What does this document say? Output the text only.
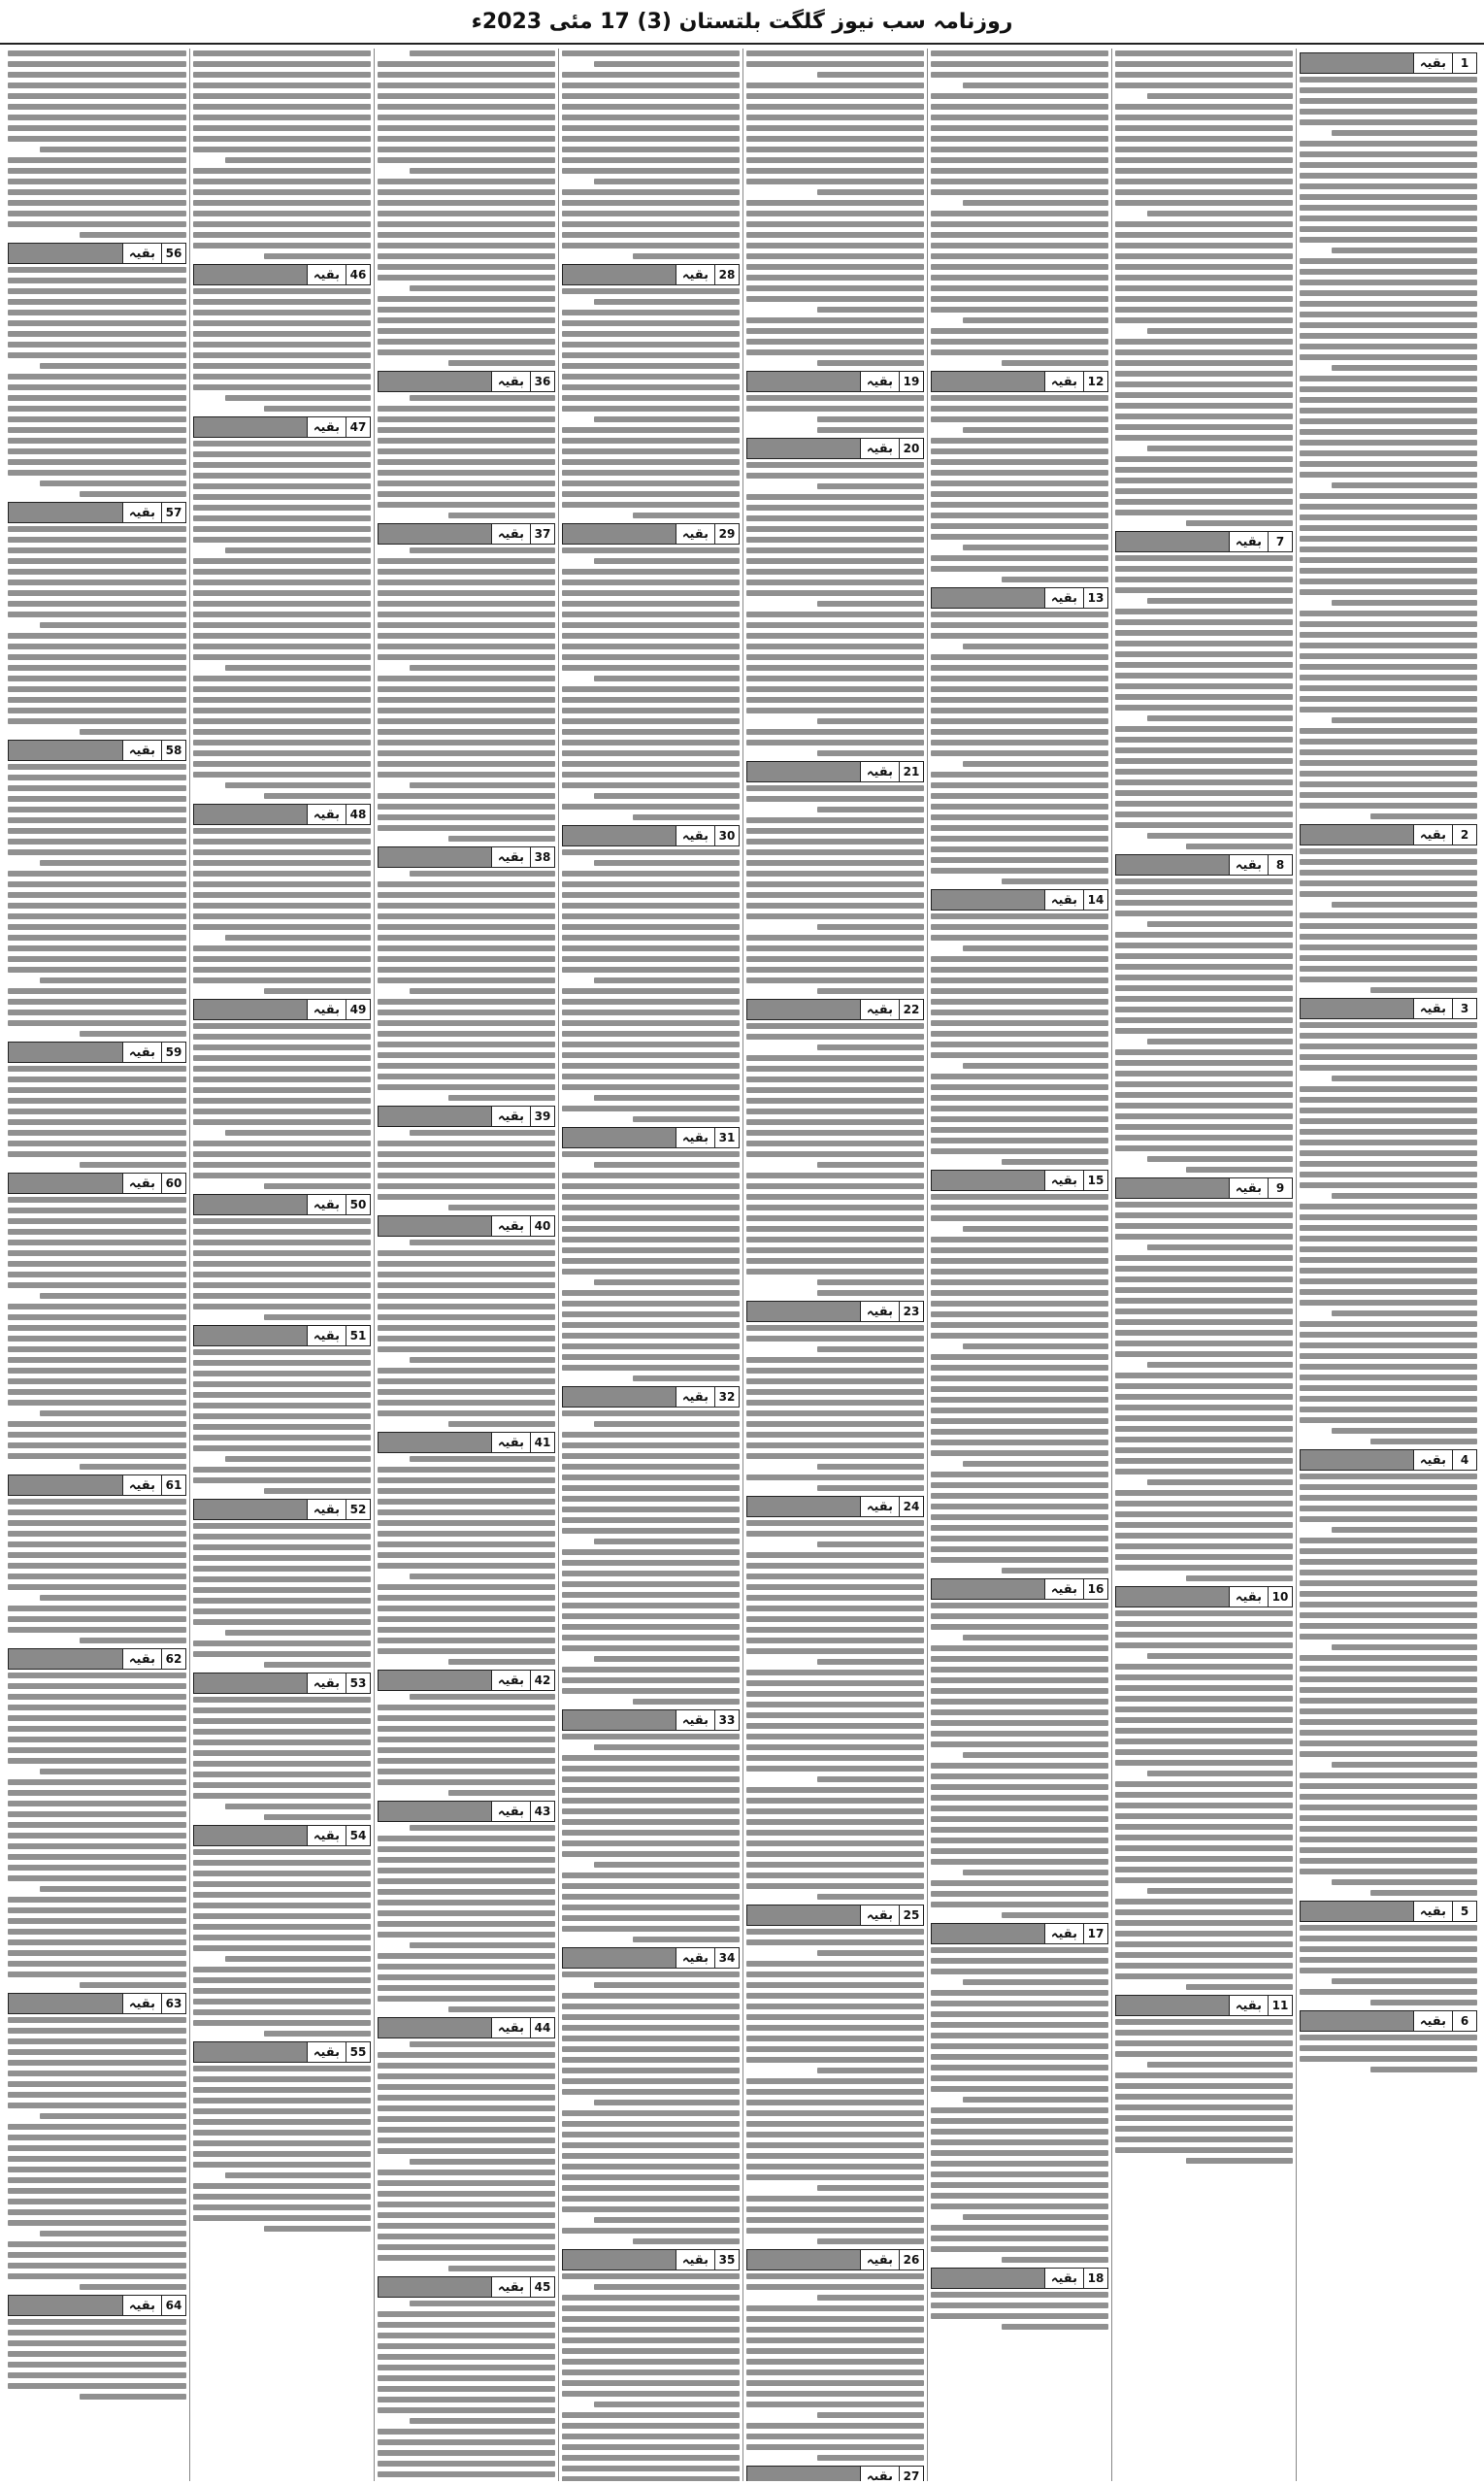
روزنامہ سب نیوز گلگت بلتستان (3) 17 مئی 2023ء
1
بقیہ
2
بقیہ
3
بقیہ
4
بقیہ
5
بقیہ
6
بقیہ
7
بقیہ
8
بقیہ
9
بقیہ
10
بقیہ
11
بقیہ
12
بقیہ
13
بقیہ
14
بقیہ
15
بقیہ
16
بقیہ
17
بقیہ
18
بقیہ
19
بقیہ
20
بقیہ
21
بقیہ
22
بقیہ
23
بقیہ
24
بقیہ
25
بقیہ
26
بقیہ
27
بقیہ
28
بقیہ
29
بقیہ
30
بقیہ
31
بقیہ
32
بقیہ
33
بقیہ
34
بقیہ
35
بقیہ
36
بقیہ
37
بقیہ
38
بقیہ
39
بقیہ
40
بقیہ
41
بقیہ
42
بقیہ
43
بقیہ
44
بقیہ
45
بقیہ
46
بقیہ
47
بقیہ
48
بقیہ
49
بقیہ
50
بقیہ
51
بقیہ
52
بقیہ
53
بقیہ
54
بقیہ
55
بقیہ
56
بقیہ
57
بقیہ
58
بقیہ
59
بقیہ
60
بقیہ
61
بقیہ
62
بقیہ
63
بقیہ
64
بقیہ
